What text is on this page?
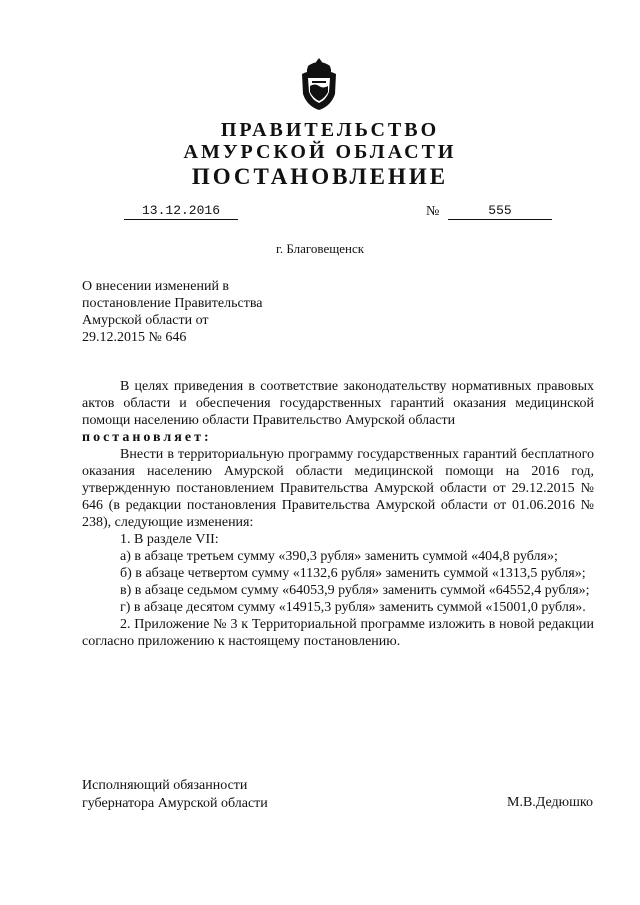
ПРАВИТЕЛЬСТВО
АМУРСКОЙ ОБЛАСТИ
ПОСТАНОВЛЕНИЕ
13.12.2016	№	555
г. Благовещенск
О внесении изменений в
постановление Правительства
Амурской области от
29.12.2015 № 646

В целях приведения в соответствие законодательству нормативных правовых актов области и обеспечения государственных гарантий оказания медицинской помощи населению области Правительство Амурской области

постановляет:

Внести в территориальную программу государственных гарантий бесплатного оказания населению Амурской области медицинской помощи на 2016 год, утвержденную постановлением Правительства Амурской области от 29.12.2015 № 646 (в редакции постановления Правительства Амурской области от 01.06.2016 № 238), следующие изменения:

1. В разделе VII:

а) в абзаце третьем сумму «390,3 рубля» заменить суммой «404,8 рубля»;

б) в абзаце четвертом сумму «1132,6 рубля» заменить суммой «1313,5 рубля»;

в) в абзаце седьмом сумму «64053,9 рубля» заменить суммой «64552,4 рубля»;

г) в абзаце десятом сумму «14915,3 рубля» заменить суммой «15001,0 рубля».

2. Приложение № 3 к Территориальной программе изложить в новой редакции согласно приложению к настоящему постановлению.

Исполняющий обязанности
губернатора Амурской области	М.В.Дедюшко
